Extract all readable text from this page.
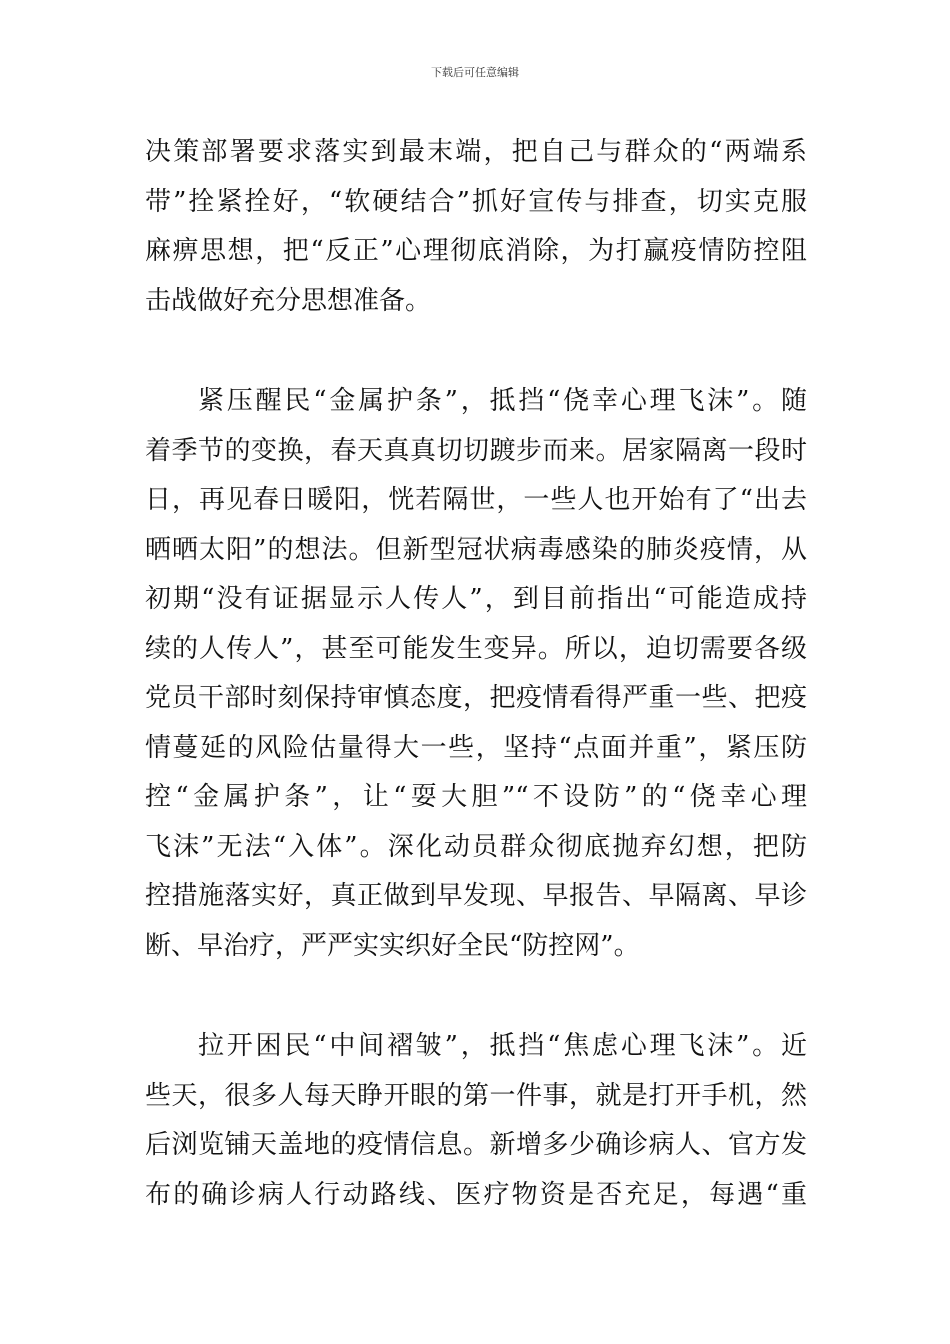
下载后可任意编辑
决策部署要求落实到最末端，把自己与群众的“两端系
带”拴紧拴好，“软硬结合”抓好宣传与排查，切实克服
麻痹思想，把“反正”心理彻底消除，为打赢疫情防控阻
击战做好充分思想准备。
紧压醒民“金属护条”，抵挡“侥幸心理飞沫”。随
着季节的变换，春天真真切切踱步而来。居家隔离一段时
日，再见春日暖阳，恍若隔世，一些人也开始有了“出去
晒晒太阳”的想法。但新型冠状病毒感染的肺炎疫情，从
初期“没有证据显示人传人”，到目前指出“可能造成持
续的人传人”，甚至可能发生变异。所以，迫切需要各级
党员干部时刻保持审慎态度，把疫情看得严重一些、把疫
情蔓延的风险估量得大一些，坚持“点面并重”，紧压防
控“金属护条”，让“耍大胆”“不设防”的“侥幸心理
飞沫”无法“入体”。深化动员群众彻底抛弃幻想，把防
控措施落实好，真正做到早发现、早报告、早隔离、早诊
断、早治疗，严严实实织好全民“防控网”。
拉开困民“中间褶皱”，抵挡“焦虑心理飞沫”。近
些天，很多人每天睁开眼的第一件事，就是打开手机，然
后浏览铺天盖地的疫情信息。新增多少确诊病人、官方发
布的确诊病人行动路线、医疗物资是否充足，每遇“重
